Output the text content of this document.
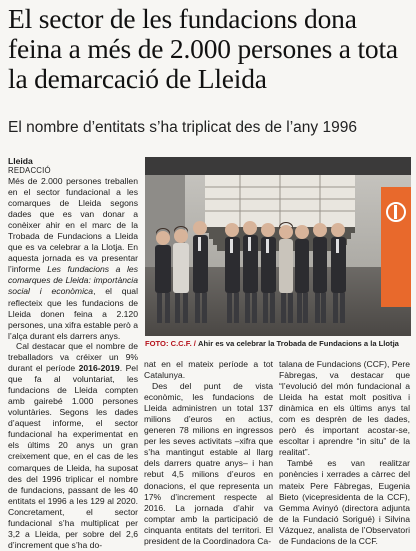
El sector de les fundacions dona feina a més de 2.000 persones a tota la demarcació de Lleida
El nombre d’entitats s’ha triplicat des de l’any 1996
Lleida
REDACCIÓ

Més de 2.000 persones treballen en el sector fundacional a les comarques de Lleida segons dades que es van donar a conèixer ahir en el marc de la Trobada de Fundacions a Lleida que es va celebrar a la Llotja. En aquesta jornada es va presentar l’informe Les fundacions a les comarques de Lleida: importància social i econòmica, el qual reflecteix que les fundacions de Lleida donen feina a 2.120 persones, una xifra estable però a l’alça durant els darrers anys.

Cal destacar que el nombre de treballadors va créixer un 9% durant el període 2016-2019. Pel que fa al voluntariat, les fundacions de Lleida compten amb gairebé 1.000 persones voluntàries. Segons les dades d’aquest informe, el sector fundacional ha experimentat en els últims 20 anys un gran creixement que, en el cas de les comarques de Lleida, ha suposat des del 1996 triplicar el nombre de fundacions, passant de les 40 entitats el 1996 a les 129 al 2020. Concretament, el sector fundacional s’ha multiplicat per 3,2 a Lleida, per sobre del 2,6 d’increment que s’ha do-

FOTO: C.C.F. / Ahir es va celebrar la Trobada de Fundacions a la Llotja

nat en el mateix període a tot Catalunya.

Des del punt de vista econòmic, les fundacions de Lleida administren un total 137 milions d’euros en actius, generen 78 milions en ingressos per les seves activitats –xifra que s’ha mantingut estable al llarg dels darrers quatre anys– i han rebut 4,5 milions d’euros en donacions, el que representa un 17% d’increment respecte al 2016. La jornada d’ahir va comptar amb la participació de cinquanta entitats del territori. El president de la Coordinadora Ca-

talana de Fundacions (CCF), Pere Fàbregas, va destacar que “l’evolució del món fundacional a Lleida ha estat molt positiva i dinàmica en els últims anys tal com es desprèn de les dades, però és important acostar-se, escoltar i aprendre “in situ” de la realitat”.

També es van realitzar ponències i xerrades a càrrec del mateix Pere Fàbregas, Eugenia Bieto (vicepresidenta de la CCF), Gemma Avinyó (directora adjunta de la Fundació Sorigué) i Silvina Vázquez, analista de l’Observatori de Fundacions de la CCF.
